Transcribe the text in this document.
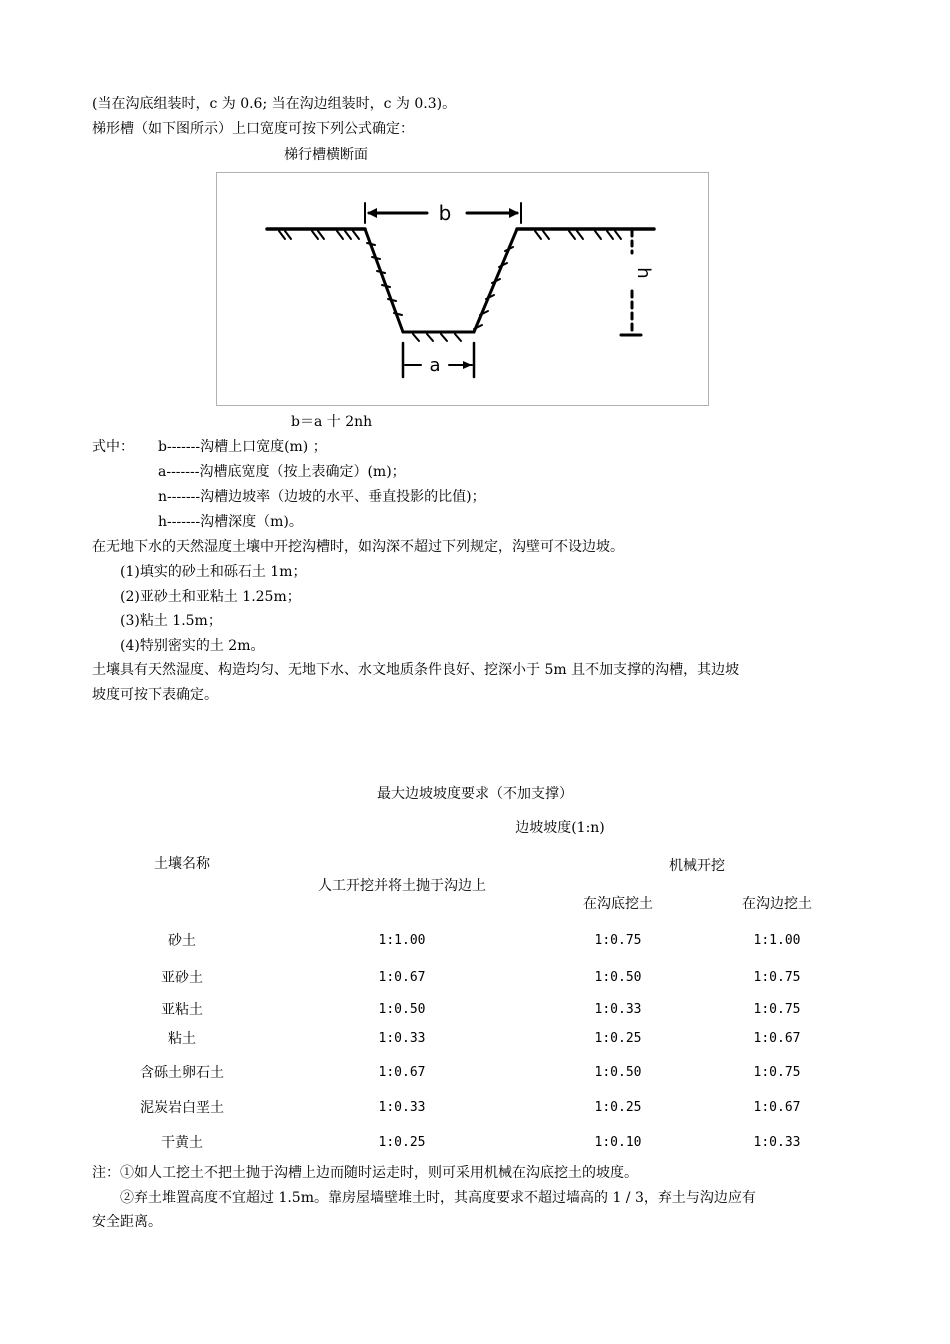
(当在沟底组装时，c 为 0.6; 当在沟边组装时，c 为 0.3)。
梯形槽（如下图所示）上口宽度可按下列公式确定：
梯行槽横断面
b
a
h
b＝a 十 2nh
式中： b-------沟槽上口宽度(m) ；
a-------沟槽底宽度（按上表确定）(m)；
n-------沟槽边坡率（边坡的水平、垂直投影的比值)；
h-------沟槽深度（m)。
在无地下水的天然湿度土壤中开挖沟槽时，如沟深不超过下列规定，沟壁可不设边坡。
(1)填实的砂土和砾石土 1m；
(2)亚砂土和亚粘土 1.25m；
(3)粘土 1.5m；
(4)特别密实的土 2m。
土壤具有天然湿度、构造均匀、无地下水、水文地质条件良好、挖深小于 5m 且不加支撑的沟槽，其边坡
坡度可按下表确定。
最大边坡坡度要求（不加支撑）
边坡坡度(1:n)
土壤名称	机械开挖
人工开挖并将土抛于沟边上
在沟底挖土	在沟边挖土
砂土	1:1.00	1:0.75	1:1.00
亚砂土	1:0.67	1:0.50	1:0.75
亚粘土	1:0.50	1:0.33	1:0.75
粘土	1:0.33	1:0.25	1:0.67
含砾土卵石土	1:0.67	1:0.50	1:0.75
泥炭岩白垩土	1:0.33	1:0.25	1:0.67
干黄土	1:0.25	1:0.10	1:0.33
注：①如人工挖土不把土抛于沟槽上边而随时运走时，则可采用机械在沟底挖土的坡度。
②弃土堆置高度不宜超过 1.5m。靠房屋墙壁堆土时，其高度要求不超过墙高的 1 / 3，弃土与沟边应有
安全距离。
